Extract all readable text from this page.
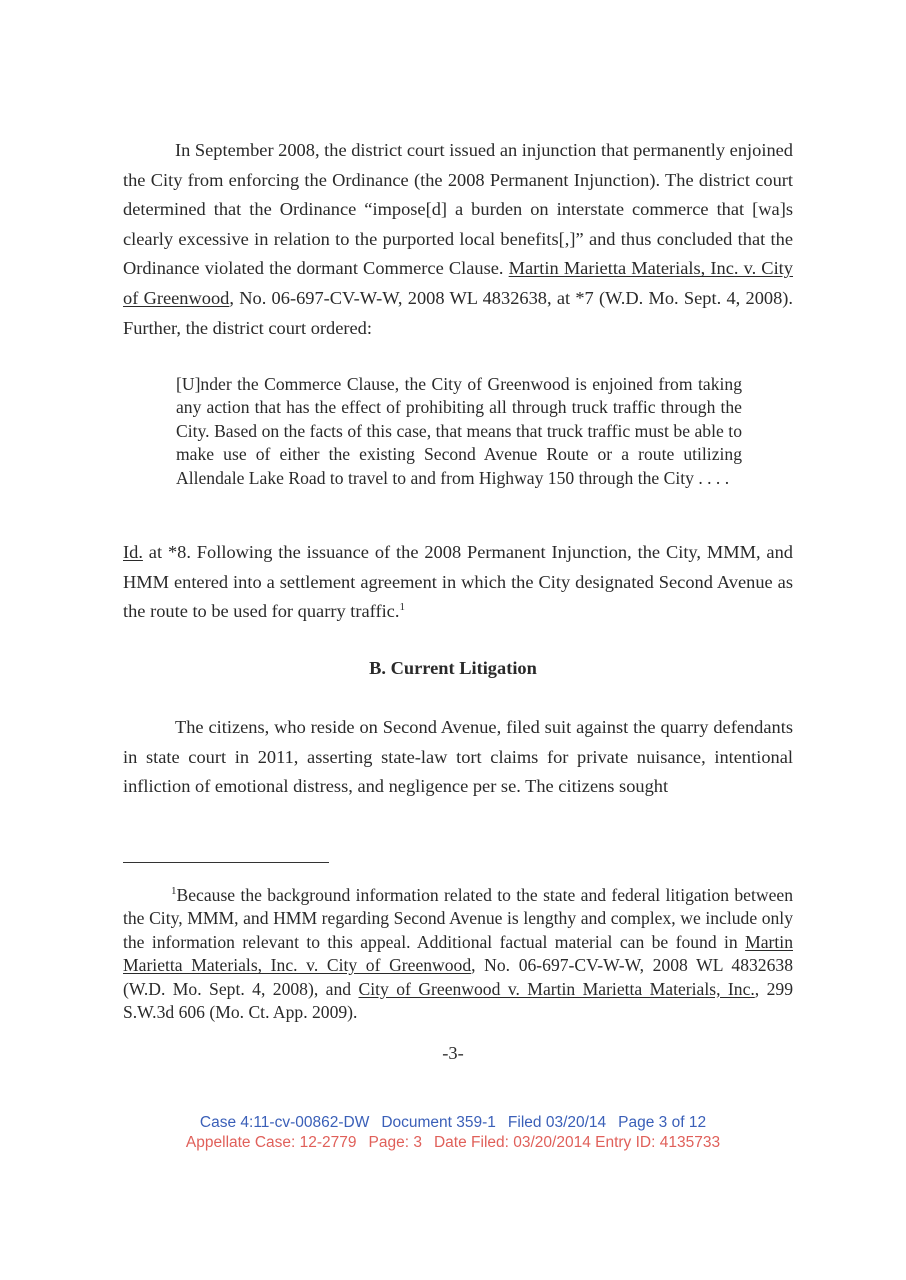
In September 2008, the district court issued an injunction that permanently enjoined the City from enforcing the Ordinance (the 2008 Permanent Injunction). The district court determined that the Ordinance “impose[d] a burden on interstate commerce that [wa]s clearly excessive in relation to the purported local benefits[,]” and thus concluded that the Ordinance violated the dormant Commerce Clause. Martin Marietta Materials, Inc. v. City of Greenwood, No. 06-697-CV-W-W, 2008 WL 4832638, at *7 (W.D. Mo. Sept. 4, 2008). Further, the district court ordered:
[U]nder the Commerce Clause, the City of Greenwood is enjoined from taking any action that has the effect of prohibiting all through truck traffic through the City. Based on the facts of this case, that means that truck traffic must be able to make use of either the existing Second Avenue Route or a route utilizing Allendale Lake Road to travel to and from Highway 150 through the City . . . .
Id. at *8. Following the issuance of the 2008 Permanent Injunction, the City, MMM, and HMM entered into a settlement agreement in which the City designated Second Avenue as the route to be used for quarry traffic.$^1$
B. Current Litigation
The citizens, who reside on Second Avenue, filed suit against the quarry defendants in state court in 2011, asserting state-law tort claims for private nuisance, intentional infliction of emotional distress, and negligence per se. The citizens sought
$^1$Because the background information related to the state and federal litigation between the City, MMM, and HMM regarding Second Avenue is lengthy and complex, we include only the information relevant to this appeal. Additional factual material can be found in Martin Marietta Materials, Inc. v. City of Greenwood, No. 06-697-CV-W-W, 2008 WL 4832638 (W.D. Mo. Sept. 4, 2008), and City of Greenwood v. Martin Marietta Materials, Inc., 299 S.W.3d 606 (Mo. Ct. App. 2009).
-3-
Case 4:11-cv-00862-DW Document 359-1 Filed 03/20/14 Page 3 of 12
Appellate Case: 12-2779 Page: 3 Date Filed: 03/20/2014 Entry ID: 4135733
